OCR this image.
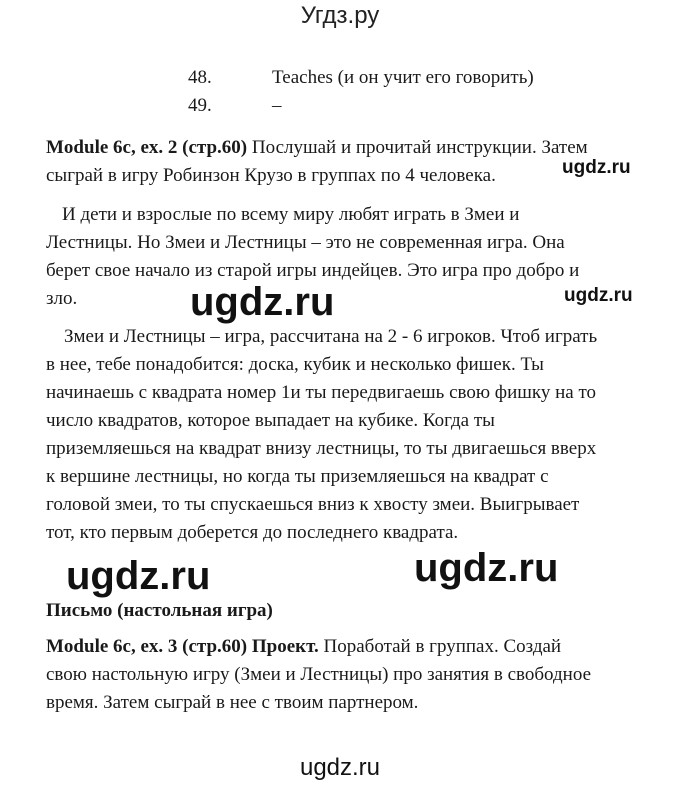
Угдз.ру
48.	Teaches (и он учит его говорить)
49.	–
Module 6c, ex. 2 (стр.60) Послушай и прочитай инструкции. Затем
сыграй в игру Робинзон Крузо в группах по 4 человека.	ugdz.ru
И дети и взрослые по всему миру любят играть в Змеи и
Лестницы. Но Змеи и Лестницы – это не современная игра. Она
берет свое начало из старой игры индейцев. Это игра про добро и
зло.	ugdz.ru	ugdz.ru
Змеи и Лестницы – игра, рассчитана на 2 - 6 игроков. Чтоб играть
в нее, тебе понадобится: доска, кубик и несколько фишек. Ты
начинаешь с квадрата номер 1и ты передвигаешь свою фишку на то
число квадратов, которое выпадает на кубике. Когда ты
приземляешься на квадрат внизу лестницы, то ты двигаешься вверх
к вершине лестницы, но когда ты приземляешься на квадрат с
головой змеи, то ты спускаешься вниз к хвосту змеи. Выигрывает
тот, кто первым доберется до последнего квадрата.
ugdz.ru	ugdz.ru
Письмо (настольная игра)
Module 6c, ex. 3 (стр.60) Проект. Поработай в группах. Создай
свою настольную игру (Змеи и Лестницы) про занятия в свободное
время. Затем сыграй в нее с твоим партнером.
ugdz.ru
